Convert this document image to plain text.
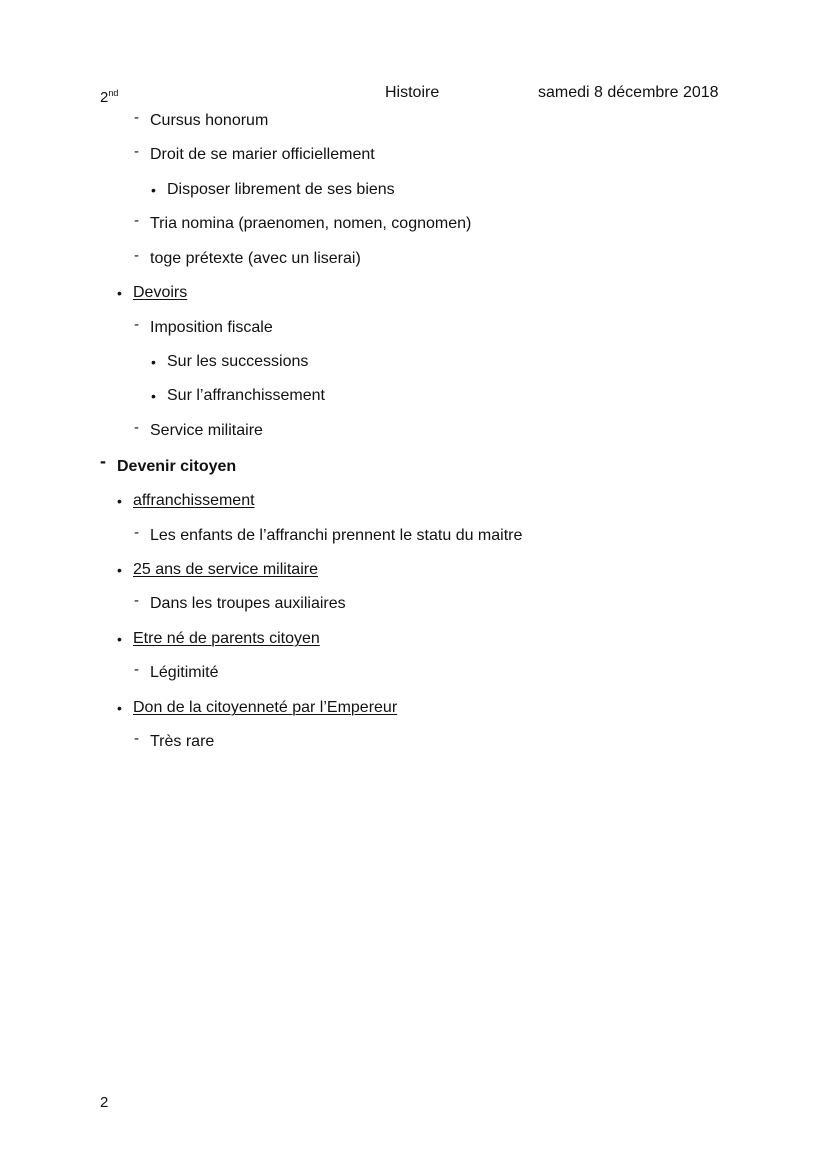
2nd	Histoire	samedi 8 décembre 2018
- Cursus honorum
- Droit de se marier officiellement
• Disposer librement de ses biens
- Tria nomina (praenomen, nomen, cognomen)
- toge prétexte (avec un liserai)
• Devoirs
- Imposition fiscale
• Sur les successions
• Sur l’affranchissement
- Service militaire
- Devenir citoyen
• affranchissement
- Les enfants de l’affranchi prennent le statu du maitre
• 25 ans de service militaire
- Dans les troupes auxiliaires
• Etre né de parents citoyen
- Légitimité
• Don de la citoyenneté par l’Empereur
- Très rare
2
